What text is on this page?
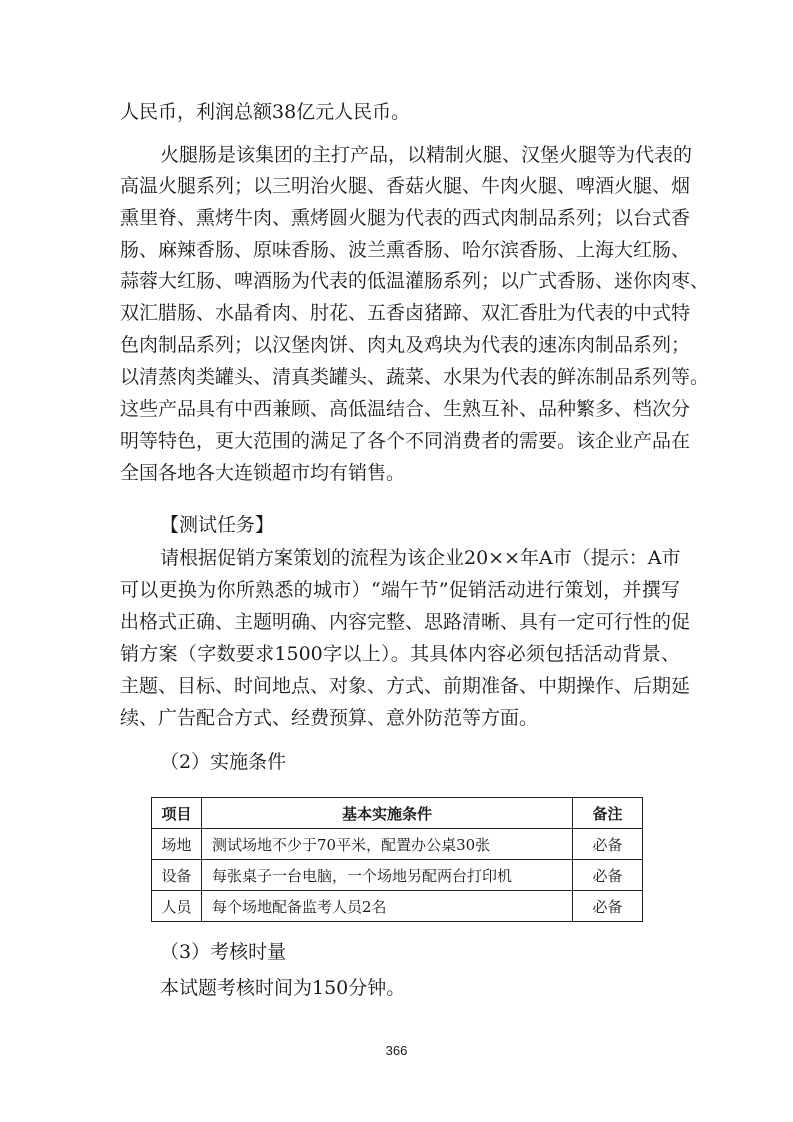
人民币，利润总额38亿元人民币。
火腿肠是该集团的主打产品，以精制火腿、汉堡火腿等为代表的
高温火腿系列；以三明治火腿、香菇火腿、牛肉火腿、啤酒火腿、烟
熏里脊、熏烤牛肉、熏烤圆火腿为代表的西式肉制品系列；以台式香
肠、麻辣香肠、原味香肠、波兰熏香肠、哈尔滨香肠、上海大红肠、
蒜蓉大红肠、啤酒肠为代表的低温灌肠系列；以广式香肠、迷你肉枣、
双汇腊肠、水晶肴肉、肘花、五香卤猪蹄、双汇香肚为代表的中式特
色肉制品系列；以汉堡肉饼、肉丸及鸡块为代表的速冻肉制品系列；
以清蒸肉类罐头、清真类罐头、蔬菜、水果为代表的鲜冻制品系列等。
这些产品具有中西兼顾、高低温结合、生熟互补、品种繁多、档次分
明等特色，更大范围的满足了各个不同消费者的需要。该企业产品在
全国各地各大连锁超市均有销售。
【测试任务】
请根据促销方案策划的流程为该企业20××年A市（提示：A市
可以更换为你所熟悉的城市）“端午节”促销活动进行策划，并撰写
出格式正确、主题明确、内容完整、思路清晰、具有一定可行性的促
销方案（字数要求1500字以上）。其具体内容必须包括活动背景、
主题、目标、时间地点、对象、方式、前期准备、中期操作、后期延
续、广告配合方式、经费预算、意外防范等方面。
（2）实施条件
项目	基本实施条件	备注
场地	测试场地不少于70平米，配置办公桌30张	必备
设备	每张桌子一台电脑，一个场地另配两台打印机	必备
人员	每个场地配备监考人员2名	必备
（3）考核时量
本试题考核时间为150分钟。
366
